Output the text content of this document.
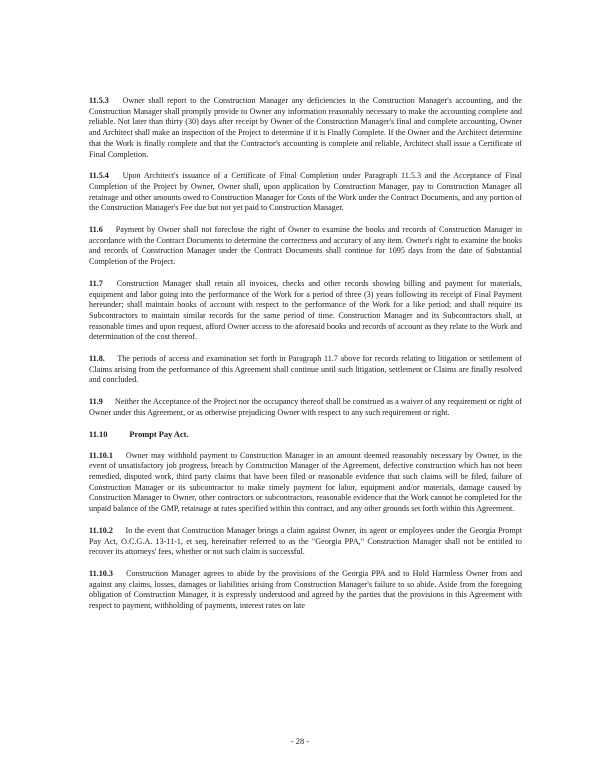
11.5.3 Owner shall report to the Construction Manager any deficiencies in the Construction Manager's accounting, and the Construction Manager shall promptly provide to Owner any information reasonably necessary to make the accounting complete and reliable. Not later than thirty (30) days after receipt by Owner of the Construction Manager's final and complete accounting, Owner and Architect shall make an inspection of the Project to determine if it is Finally Complete. If the Owner and the Architect determine that the Work is finally complete and that the Contractor's accounting is complete and reliable, Architect shall issue a Certificate of Final Completion.

11.5.4 Upon Architect's issuance of a Certificate of Final Completion under Paragraph 11.5.3 and the Acceptance of Final Completion of the Project by Owner, Owner shall, upon application by Construction Manager, pay to Construction Manager all retainage and other amounts owed to Construction Manager for Costs of the Work under the Contract Documents, and any portion of the Construction Manager's Fee due but not yet paid to Construction Manager.

11.6 Payment by Owner shall not foreclose the right of Owner to examine the books and records of Construction Manager in accordance with the Contract Documents to determine the correctness and accuracy of any item. Owner's right to examine the books and records of Construction Manager under the Contract Documents shall continue for 1095 days from the date of Substantial Completion of the Project.

11.7 Construction Manager shall retain all invoices, checks and other records showing billing and payment for materials, equipment and labor going into the performance of the Work for a period of three (3) years following its receipt of Final Payment hereunder; shall maintain books of account with respect to the performance of the Work for a like period; and shall require its Subcontractors to maintain similar records for the same period of time. Construction Manager and its Subcontractors shall, at reasonable times and upon request, afford Owner access to the aforesaid books and records of account as they relate to the Work and determination of the cost thereof.

11.8. The periods of access and examination set forth in Paragraph 11.7 above for records relating to litigation or settlement of Claims arising from the performance of this Agreement shall continue until such litigation, settlement or Claims are finally resolved and concluded.

11.9 Neither the Acceptance of the Project nor the occupancy thereof shall be construed as a waiver of any requirement or right of Owner under this Agreement, or as otherwise prejudicing Owner with respect to any such requirement or right.

11.10	Prompt Pay Act.

11.10.1 Owner may withhold payment to Construction Manager in an amount deemed reasonably necessary by Owner, in the event of unsatisfactory job progress, breach by Construction Manager of the Agreement, defective construction which has not been remedied, disputed work, third party claims that have been filed or reasonable evidence that such claims will be filed, failure of Construction Manager or its subcontractor to make timely payment for labor, equipment and/or materials, damage caused by Construction Manager to Owner, other contractors or subcontractors, reasonable evidence that the Work cannot be completed for the unpaid balance of the GMP, retainage at rates specified within this contract, and any other grounds set forth within this Agreement.

11.10.2 In the event that Construction Manager brings a claim against Owner, its agent or employees under the Georgia Prompt Pay Act, O.C.G.A. 13-11-1, et seq, hereinafter referred to as the "Georgia PPA," Construction Manager shall not be entitled to recover its attorneys' fees, whether or not such claim is successful.

11.10.3 Construction Manager agrees to abide by the provisions of the Georgia PPA and to Hold Harmless Owner from and against any claims, losses, damages or liabilities arising from Construction Manager's failure to so abide. Aside from the foregoing obligation of Construction Manager, it is expressly understood and agreed by the parties that the provisions in this Agreement with respect to payment, withholding of payments, interest rates on late

- 28 -
